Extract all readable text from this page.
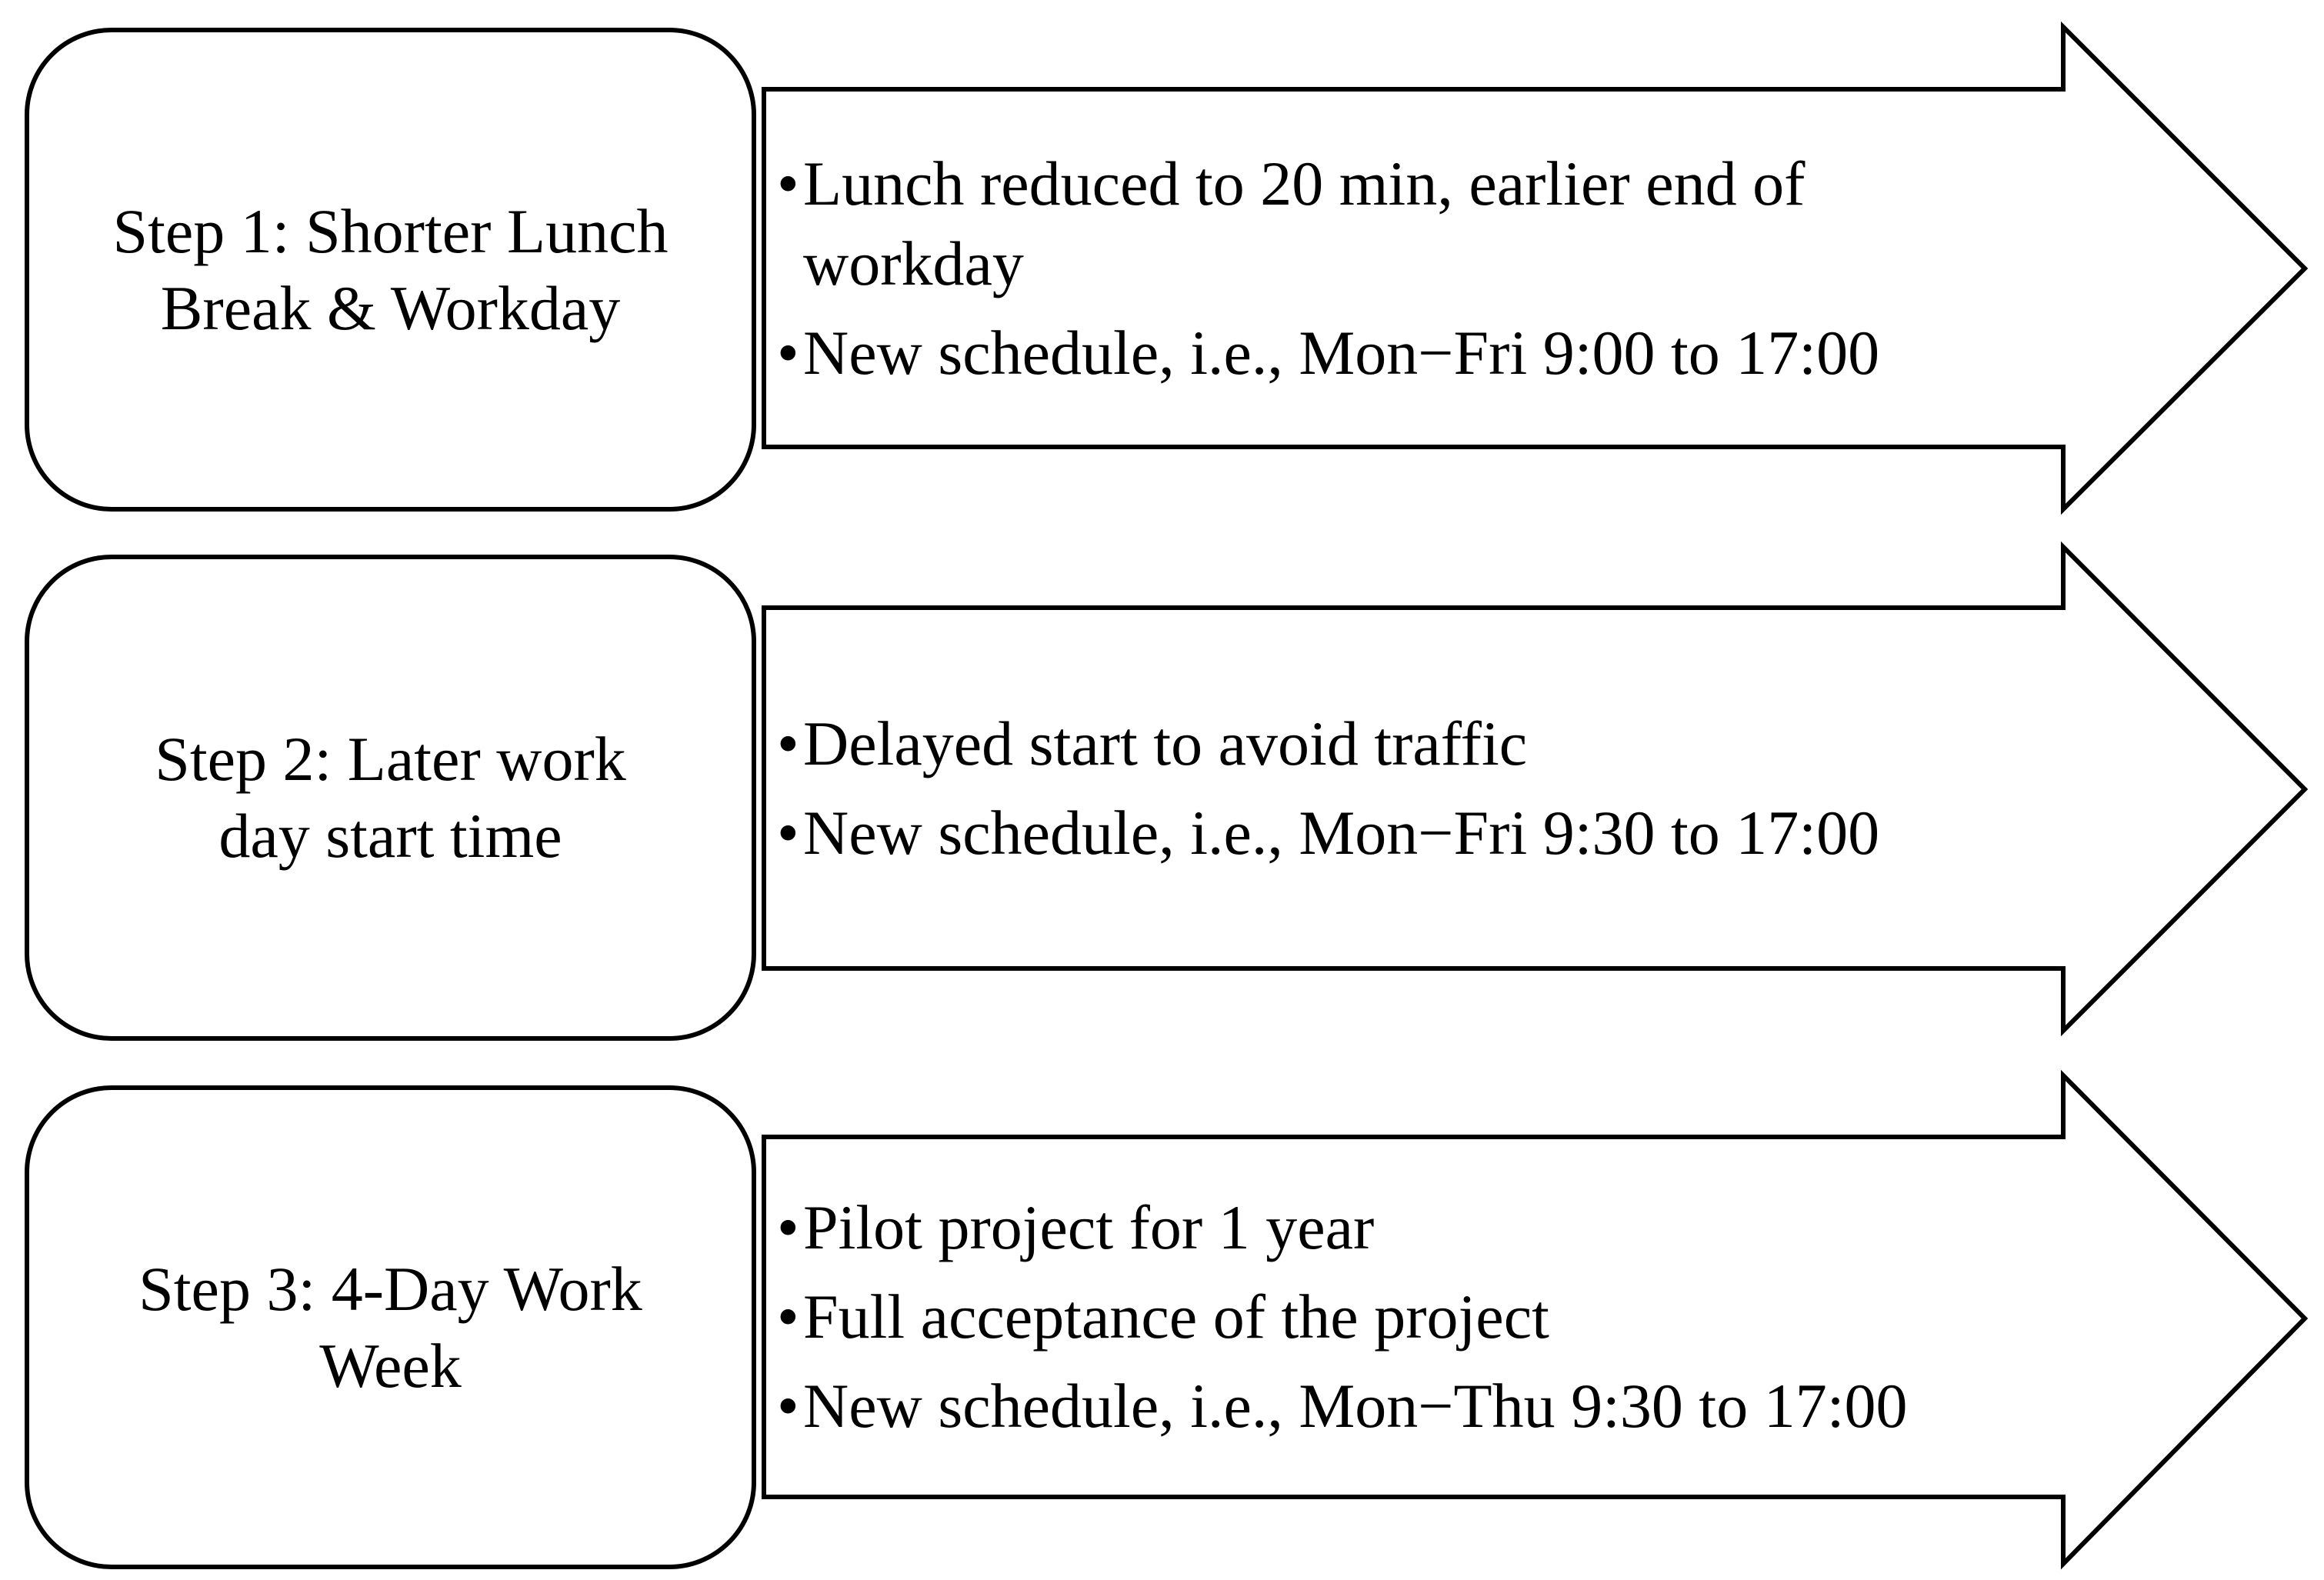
Step 1: Shorter Lunch Break & Workday
• Lunch reduced to 20 min, earlier end of workday
• New schedule, i.e., Mon−Fri 9:00 to 17:00
Step 2: Later work day start time
• Delayed start to avoid traffic
• New schedule, i.e., Mon−Fri 9:30 to 17:00
Step 3: 4-Day Work Week
• Pilot project for 1 year
• Full acceptance of the project
• New schedule, i.e., Mon−Thu 9:30 to 17:00
